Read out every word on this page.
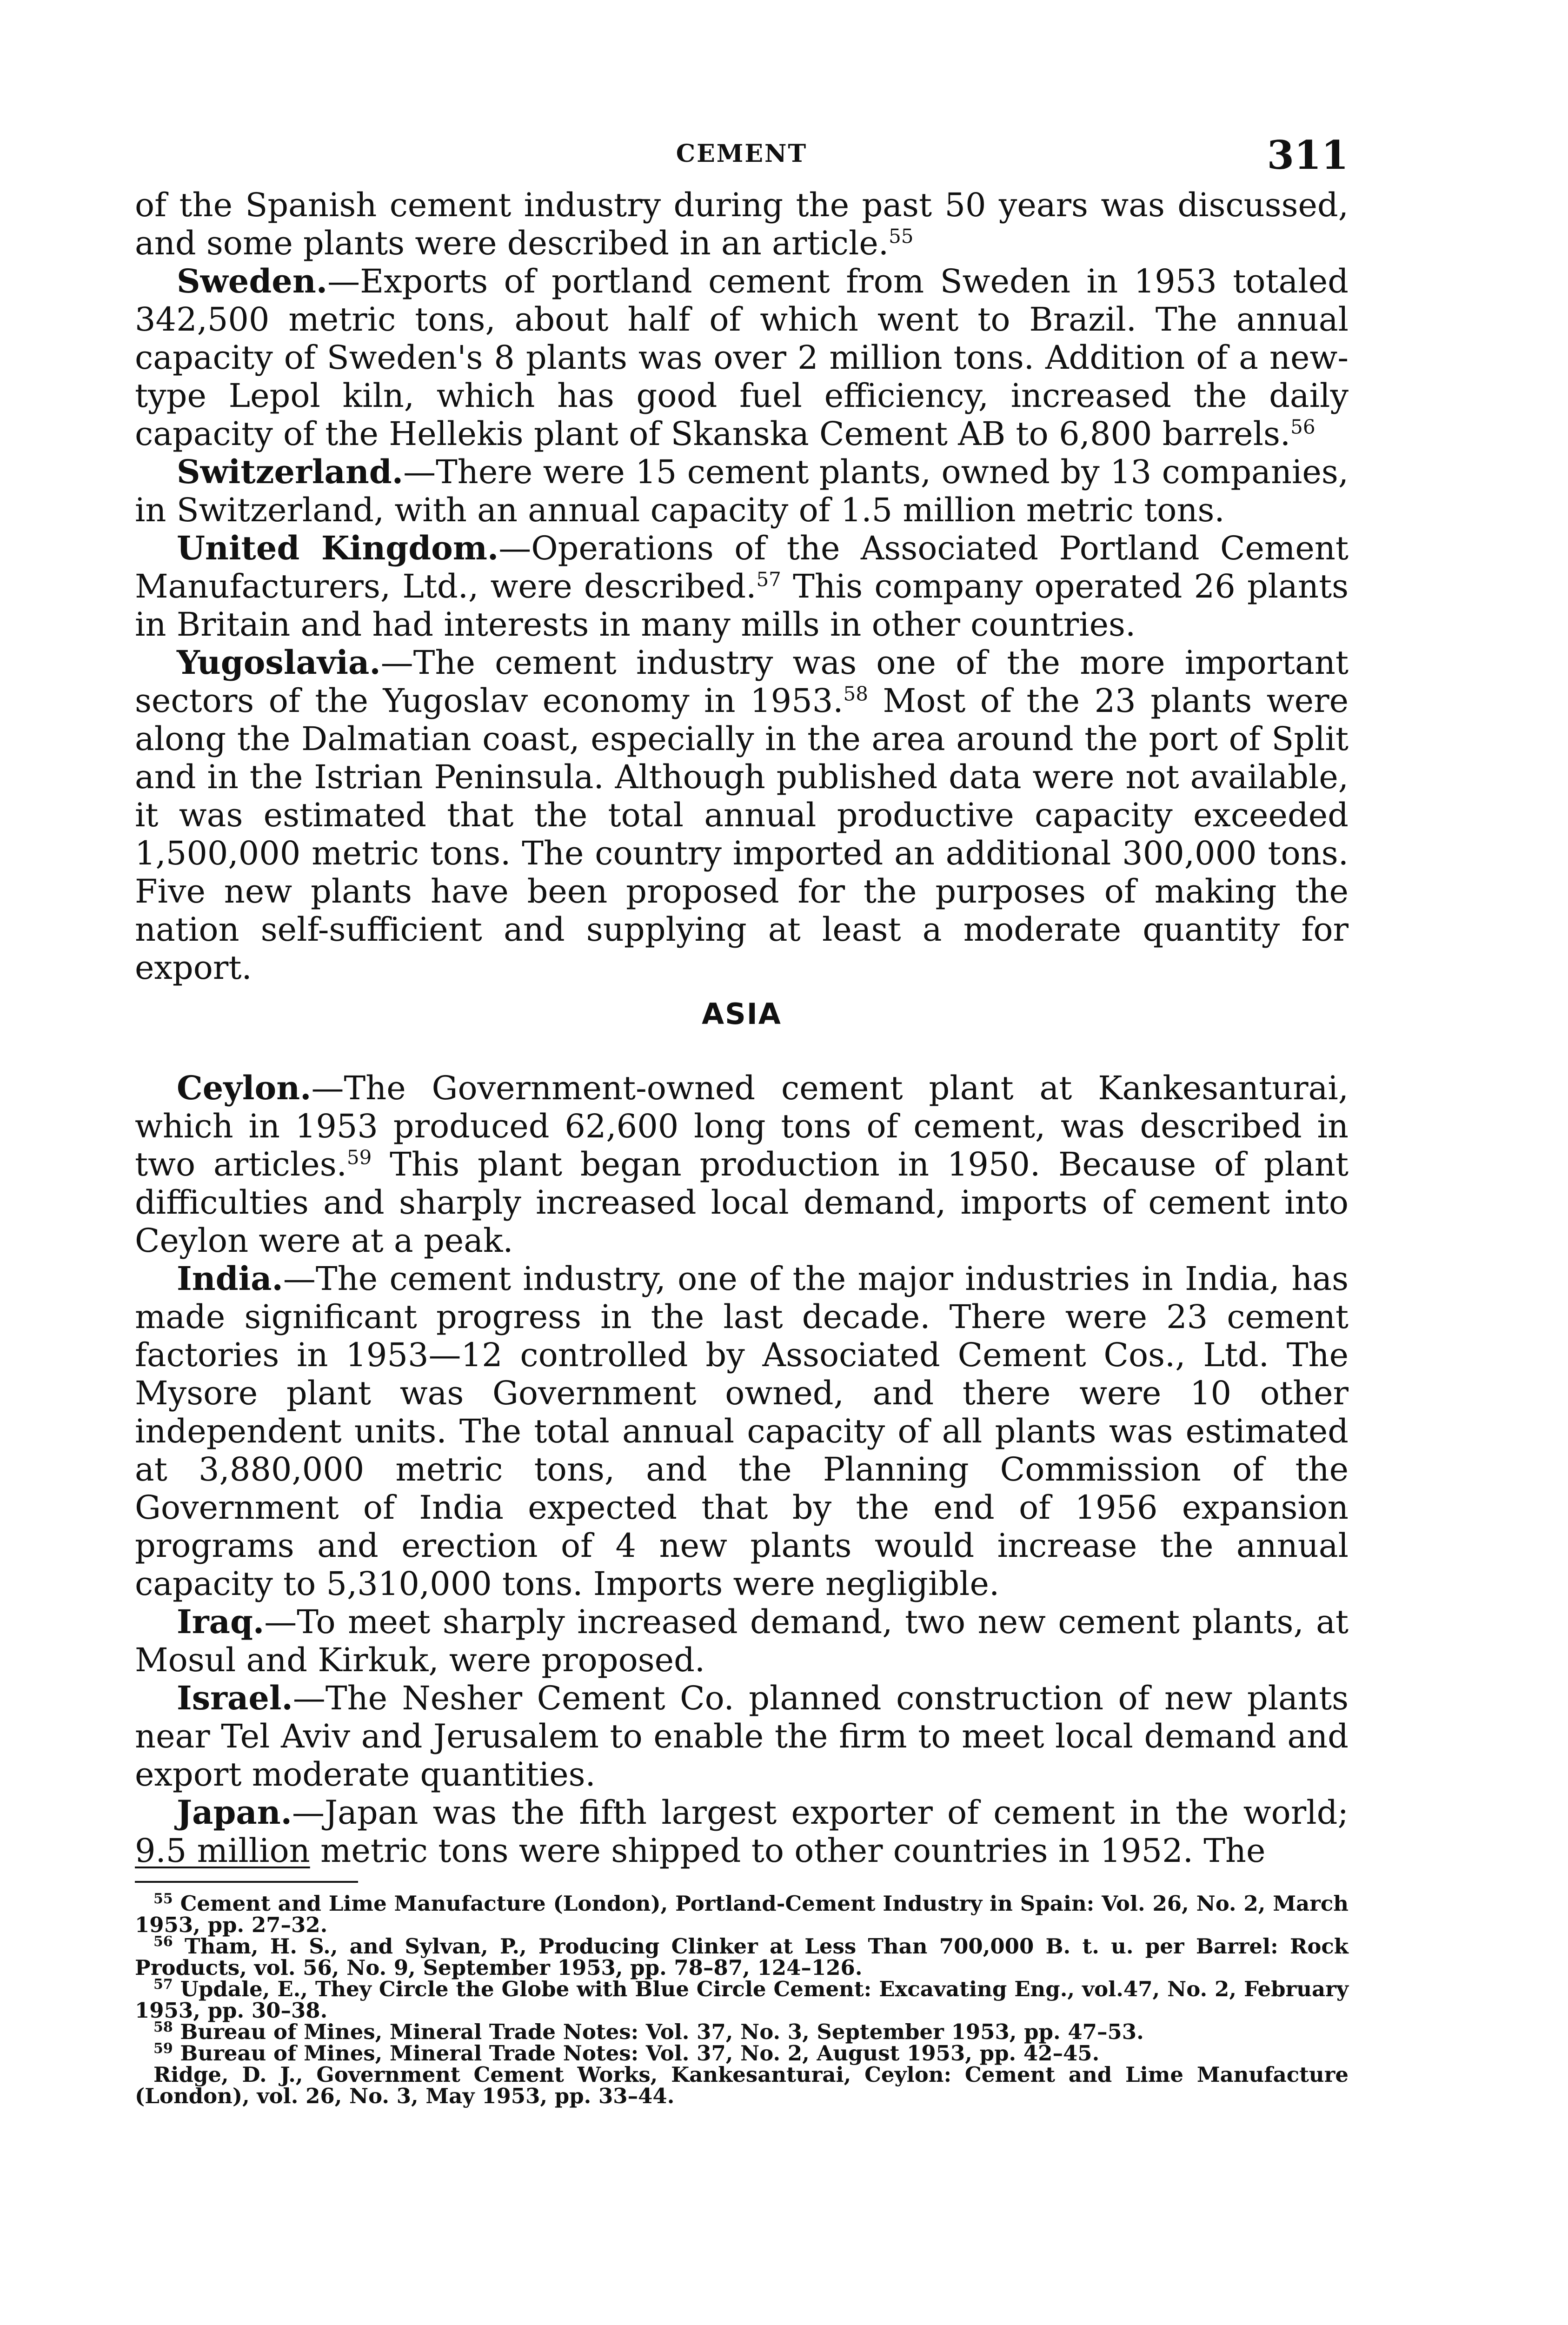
CEMENT	311

of the Spanish cement industry during the past 50 years was discussed, and some plants were described in an article.$^{55}$

Sweden.—Exports of portland cement from Sweden in 1953 totaled 342,500 metric tons, about half of which went to Brazil. The annual capacity of Sweden's 8 plants was over 2 million tons. Addition of a new-type Lepol kiln, which has good fuel efficiency, increased the daily capacity of the Hellekis plant of Skanska Cement AB to 6,800 barrels.$^{56}$

Switzerland.—There were 15 cement plants, owned by 13 companies, in Switzerland, with an annual capacity of 1.5 million metric tons.

United Kingdom.—Operations of the Associated Portland Cement Manufacturers, Ltd., were described.$^{57}$ This company operated 26 plants in Britain and had interests in many mills in other countries.

Yugoslavia.—The cement industry was one of the more important sectors of the Yugoslav economy in 1953.58 Most of the 23 plants were along the Dalmatian coast, especially in the area around the port of Split and in the Istrian Peninsula. Although published data were not available, it was estimated that the total annual productive capacity exceeded 1,500,000 metric tons. The country imported an additional 300,000 tons. Five new plants have been proposed for the purposes of making the nation self-sufficient and supplying at least a moderate quantity for export.

ASIA

Ceylon.—The Government-owned cement plant at Kankesanturai, which in 1953 produced 62,600 long tons of cement, was described in two articles.$^{59}$ This plant began production in 1950. Because of plant difficulties and sharply increased local demand, imports of cement into Ceylon were at a peak.

India.—The cement industry, one of the major industries in India, has made significant progress in the last decade. There were 23 cement factories in 1953—12 controlled by Associated Cement Cos., Ltd. The Mysore plant was Government owned, and there were 10 other independent units. The total annual capacity of all plants was estimated at 3,880,000 metric tons, and the Planning Commission of the Government of India expected that by the end of 1956 expansion programs and erection of 4 new plants would increase the annual capacity to 5,310,000 tons. Imports were negligible.

Iraq.—To meet sharply increased demand, two new cement plants, at Mosul and Kirkuk, were proposed.

Israel.—The Nesher Cement Co. planned construction of new plants near Tel Aviv and Jerusalem to enable the firm to meet local demand and export moderate quantities.

Japan.—Japan was the fifth largest exporter of cement in the world; 9.5 million metric tons were shipped to other countries in 1952. The

$^{55}$ Cement and Lime Manufacture (London), Portland-Cement Industry in Spain: Vol. 26, No. 2, March 1953, pp. 27–32.

$^{56}$ Tham, H. S., and Sylvan, P., Producing Clinker at Less Than 700,000 B. t. u. per Barrel: Rock Products, vol. 56, No. 9, September 1953, pp. 78–87, 124–126.

$^{57}$ Updale, E., They Circle the Globe with Blue Circle Cement: Excavating Eng., vol.47, No. 2, February 1953, pp. 30–38.

$^{58}$ Bureau of Mines, Mineral Trade Notes: Vol. 37, No. 3, September 1953, pp. 47–53.

$^{59}$ Bureau of Mines, Mineral Trade Notes: Vol. 37, No. 2, August 1953, pp. 42–45.

Ridge, D. J., Government Cement Works, Kankesanturai, Ceylon: Cement and Lime Manufacture (London), vol. 26, No. 3, May 1953, pp. 33–44.
